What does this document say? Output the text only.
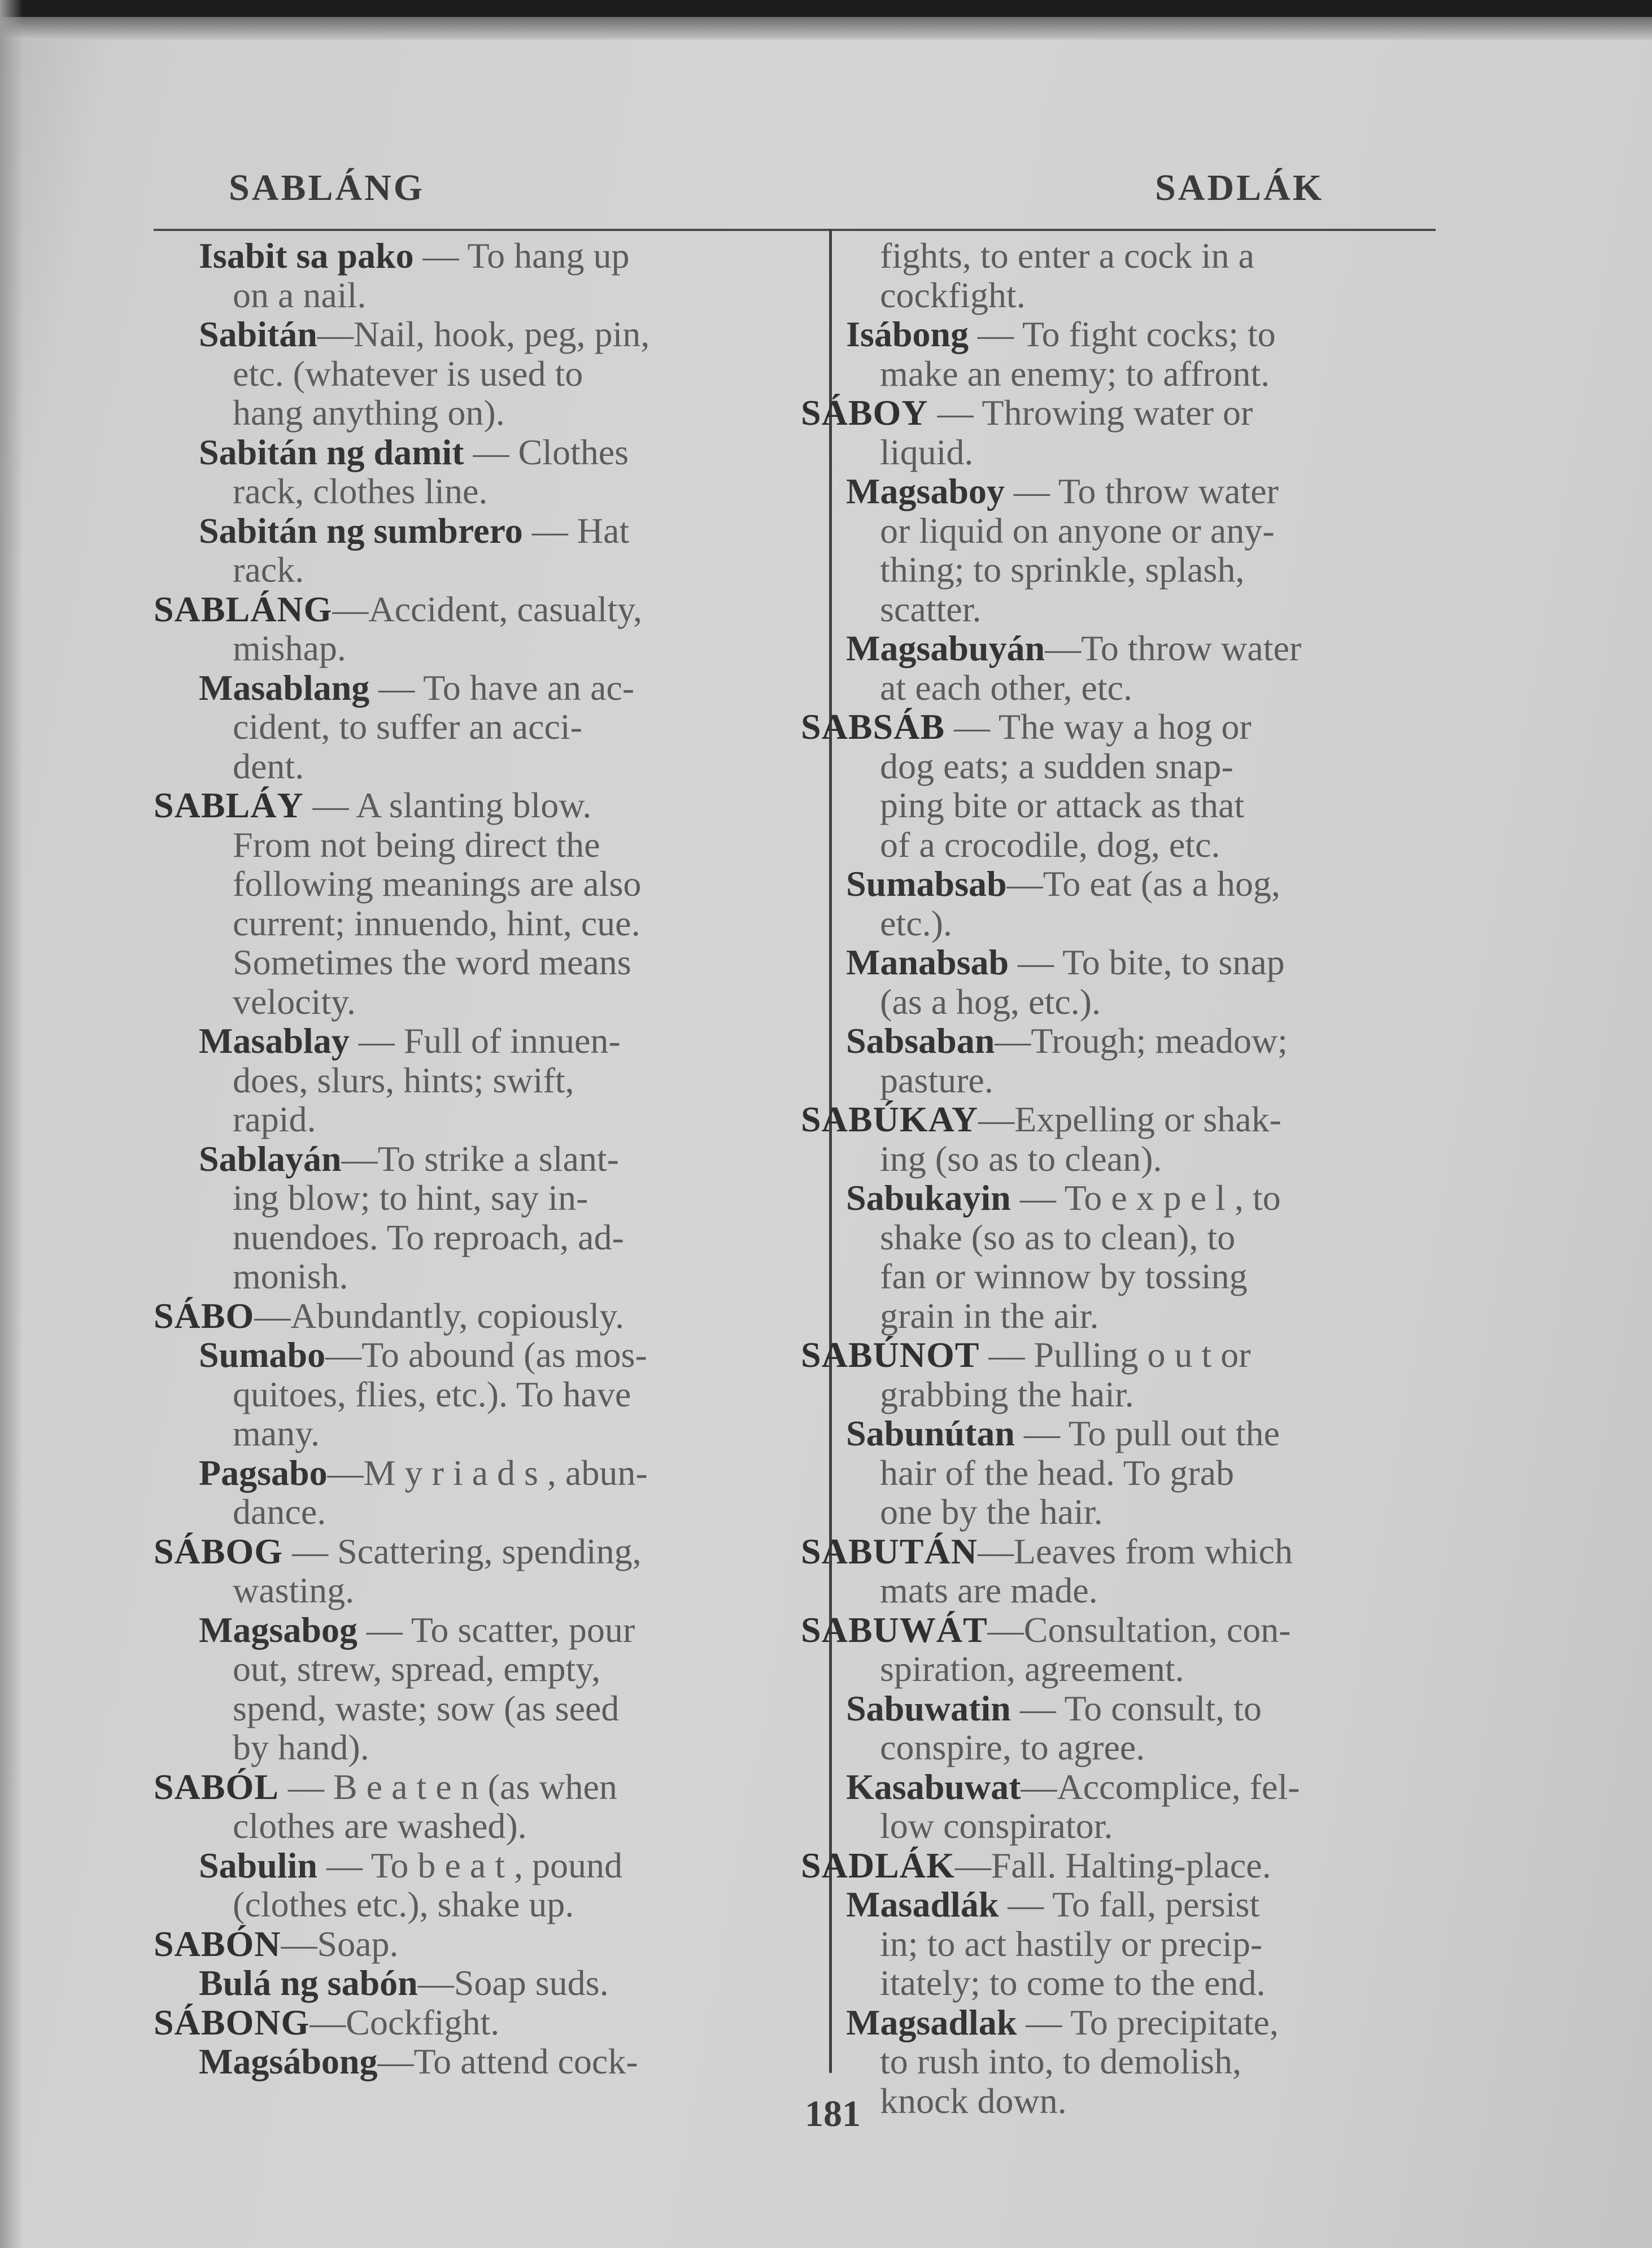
SABLÁNG	SADLÁK
Isabit sa pako — To hang up
on a nail.
Sabitán—Nail, hook, peg, pin,
etc. (whatever is used to
hang anything on).
Sabitán ng damit — Clothes
rack, clothes line.
Sabitán ng sumbrero — Hat
rack.
SABLÁNG—Accident, casualty,
mishap.
Masablang — To have an ac-
cident, to suffer an acci-
dent.
SABLÁY — A slanting blow.
From not being direct the
following meanings are also
current; innuendo, hint, cue.
Sometimes the word means
velocity.
Masablay — Full of innuen-
does, slurs, hints; swift,
rapid.
Sablayán—To strike a slant-
ing blow; to hint, say in-
nuendoes. To reproach, ad-
monish.
SÁBO—Abundantly, copiously.
Sumabo—To abound (as mos-
quitoes, flies, etc.). To have
many.
Pagsabo—M y r i a d s , abun-
dance.
SÁBOG — Scattering, spending,
wasting.
Magsabog — To scatter, pour
out, strew, spread, empty,
spend, waste; sow (as seed
by hand).
SABÓL — B e a t e n (as when
clothes are washed).
Sabulin — To b e a t , pound
(clothes etc.), shake up.
SABÓN—Soap.
Bulá ng sabón—Soap suds.
SÁBONG—Cockfight.
Magsábong—To attend cock-
fights, to enter a cock in a
cockfight.
Isábong — To fight cocks; to
make an enemy; to affront.
SÁBOY — Throwing water or
liquid.
Magsaboy — To throw water
or liquid on anyone or any-
thing; to sprinkle, splash,
scatter.
Magsabuyán—To throw water
at each other, etc.
SABSÁB — The way a hog or
dog eats; a sudden snap-
ping bite or attack as that
of a crocodile, dog, etc.
Sumabsab—To eat (as a hog,
etc.).
Manabsab — To bite, to snap
(as a hog, etc.).
Sabsaban—Trough; meadow;
pasture.
SABÚKAY—Expelling or shak-
ing (so as to clean).
Sabukayin — To e x p e l , to
shake (so as to clean), to
fan or winnow by tossing
grain in the air.
SABÚNOT — Pulling o u t or
grabbing the hair.
Sabunútan — To pull out the
hair of the head. To grab
one by the hair.
SABUTÁN—Leaves from which
mats are made.
SABUWÁT—Consultation, con-
spiration, agreement.
Sabuwatin — To consult, to
conspire, to agree.
Kasabuwat—Accomplice, fel-
low conspirator.
SADLÁK—Fall. Halting-place.
Masadlák — To fall, persist
in; to act hastily or precip-
itately; to come to the end.
Magsadlak — To precipitate,
to rush into, to demolish,
knock down.
181
